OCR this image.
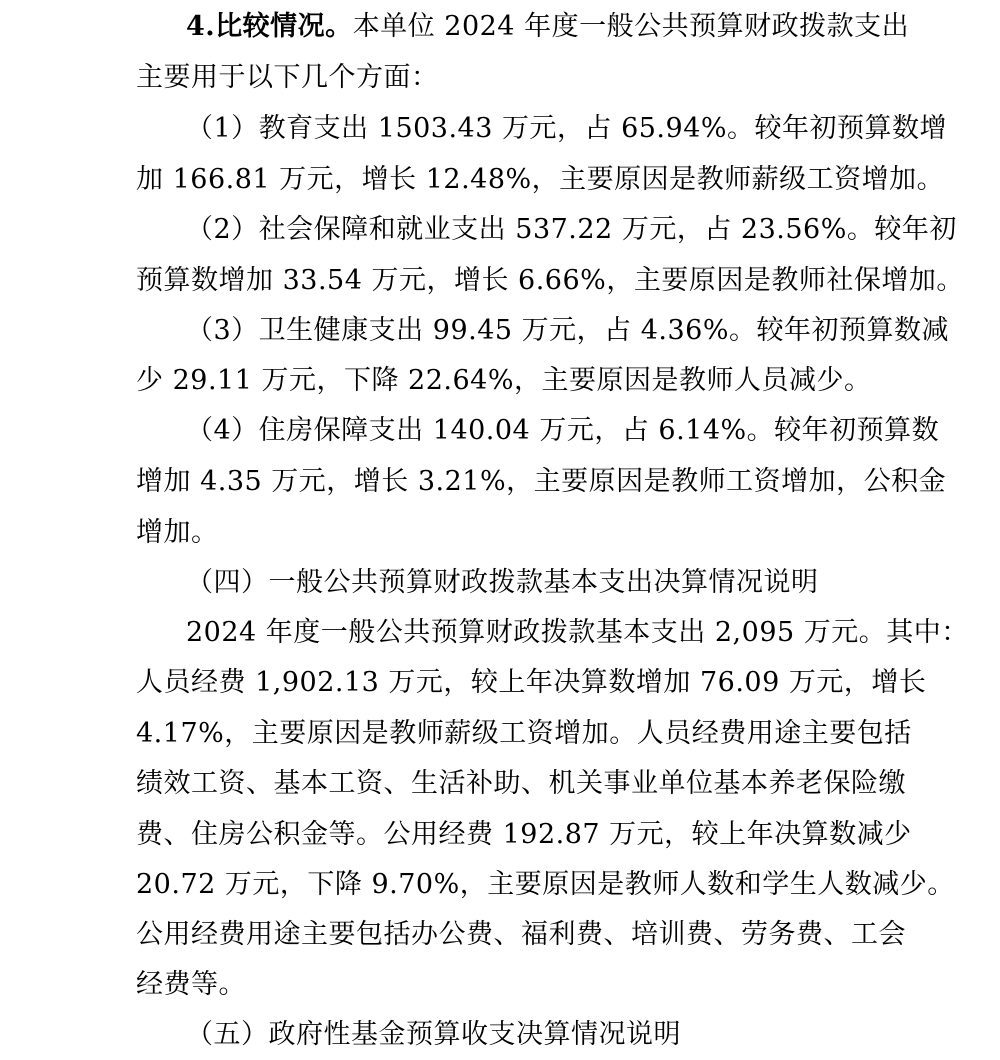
4.比较情况。本单位 2024 年度一般公共预算财政拨款支出
主要用于以下几个方面：
（1）教育支出 1503.43 万元，占 65.94%。较年初预算数增
加 166.81 万元，增长 12.48%，主要原因是教师薪级工资增加。
（2）社会保障和就业支出 537.22 万元，占 23.56%。较年初
预算数增加 33.54 万元，增长 6.66%，主要原因是教师社保增加。
（3）卫生健康支出 99.45 万元，占 4.36%。较年初预算数减
少 29.11 万元，下降 22.64%，主要原因是教师人员减少。
（4）住房保障支出 140.04 万元，占 6.14%。较年初预算数
增加 4.35 万元，增长 3.21%，主要原因是教师工资增加，公积金
增加。
（四）一般公共预算财政拨款基本支出决算情况说明
2024 年度一般公共预算财政拨款基本支出 2,095 万元。其中：
人员经费 1,902.13 万元，较上年决算数增加 76.09 万元，增长
4.17%，主要原因是教师薪级工资增加。人员经费用途主要包括
绩效工资、基本工资、生活补助、机关事业单位基本养老保险缴
费、住房公积金等。公用经费 192.87 万元，较上年决算数减少
20.72 万元，下降 9.70%，主要原因是教师人数和学生人数减少。
公用经费用途主要包括办公费、福利费、培训费、劳务费、工会
经费等。
（五）政府性基金预算收支决算情况说明
